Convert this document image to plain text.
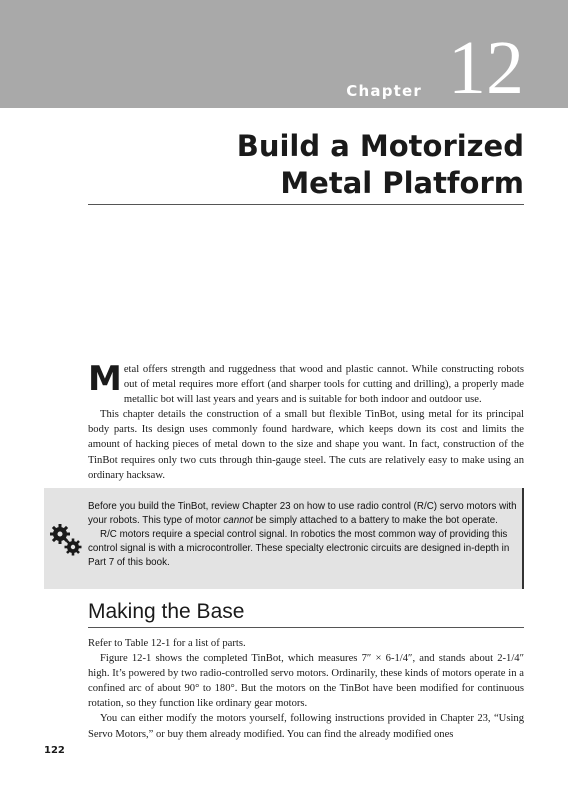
Chapter 12
Build a Motorized
Metal Platform

Metal offers strength and ruggedness that wood and plastic cannot. While constructing robots out of metal requires more effort (and sharper tools for cutting and drilling), a properly made metallic bot will last years and years and is suitable for both indoor and outdoor use.

This chapter details the construction of a small but flexible TinBot, using metal for its principal body parts. Its design uses commonly found hardware, which keeps down its cost and limits the amount of hacking pieces of metal down to the size and shape you want. In fact, construction of the TinBot requires only two cuts through thin-gauge steel. The cuts are relatively easy to make using an ordinary hacksaw.

Before you build the TinBot, review Chapter 23 on how to use radio control (R/C) servo motors with your robots. This type of motor cannot be simply attached to a battery to make the bot operate.

R/C motors require a special control signal. In robotics the most common way of providing this control signal is with a microcontroller. These specialty electronic circuits are designed in-depth in Part 7 of this book.

Making the Base

Refer to Table 12-1 for a list of parts.

Figure 12-1 shows the completed TinBot, which measures 7″ × 6-1/4″, and stands about 2-1/4″ high. It’s powered by two radio-controlled servo motors. Ordinarily, these kinds of motors operate in a confined arc of about 90° to 180°. But the motors on the TinBot have been modified for continuous rotation, so they function like ordinary gear motors.

You can either modify the motors yourself, following instructions provided in Chapter 23, “Using Servo Motors,” or buy them already modified. You can find the already modified ones

122
